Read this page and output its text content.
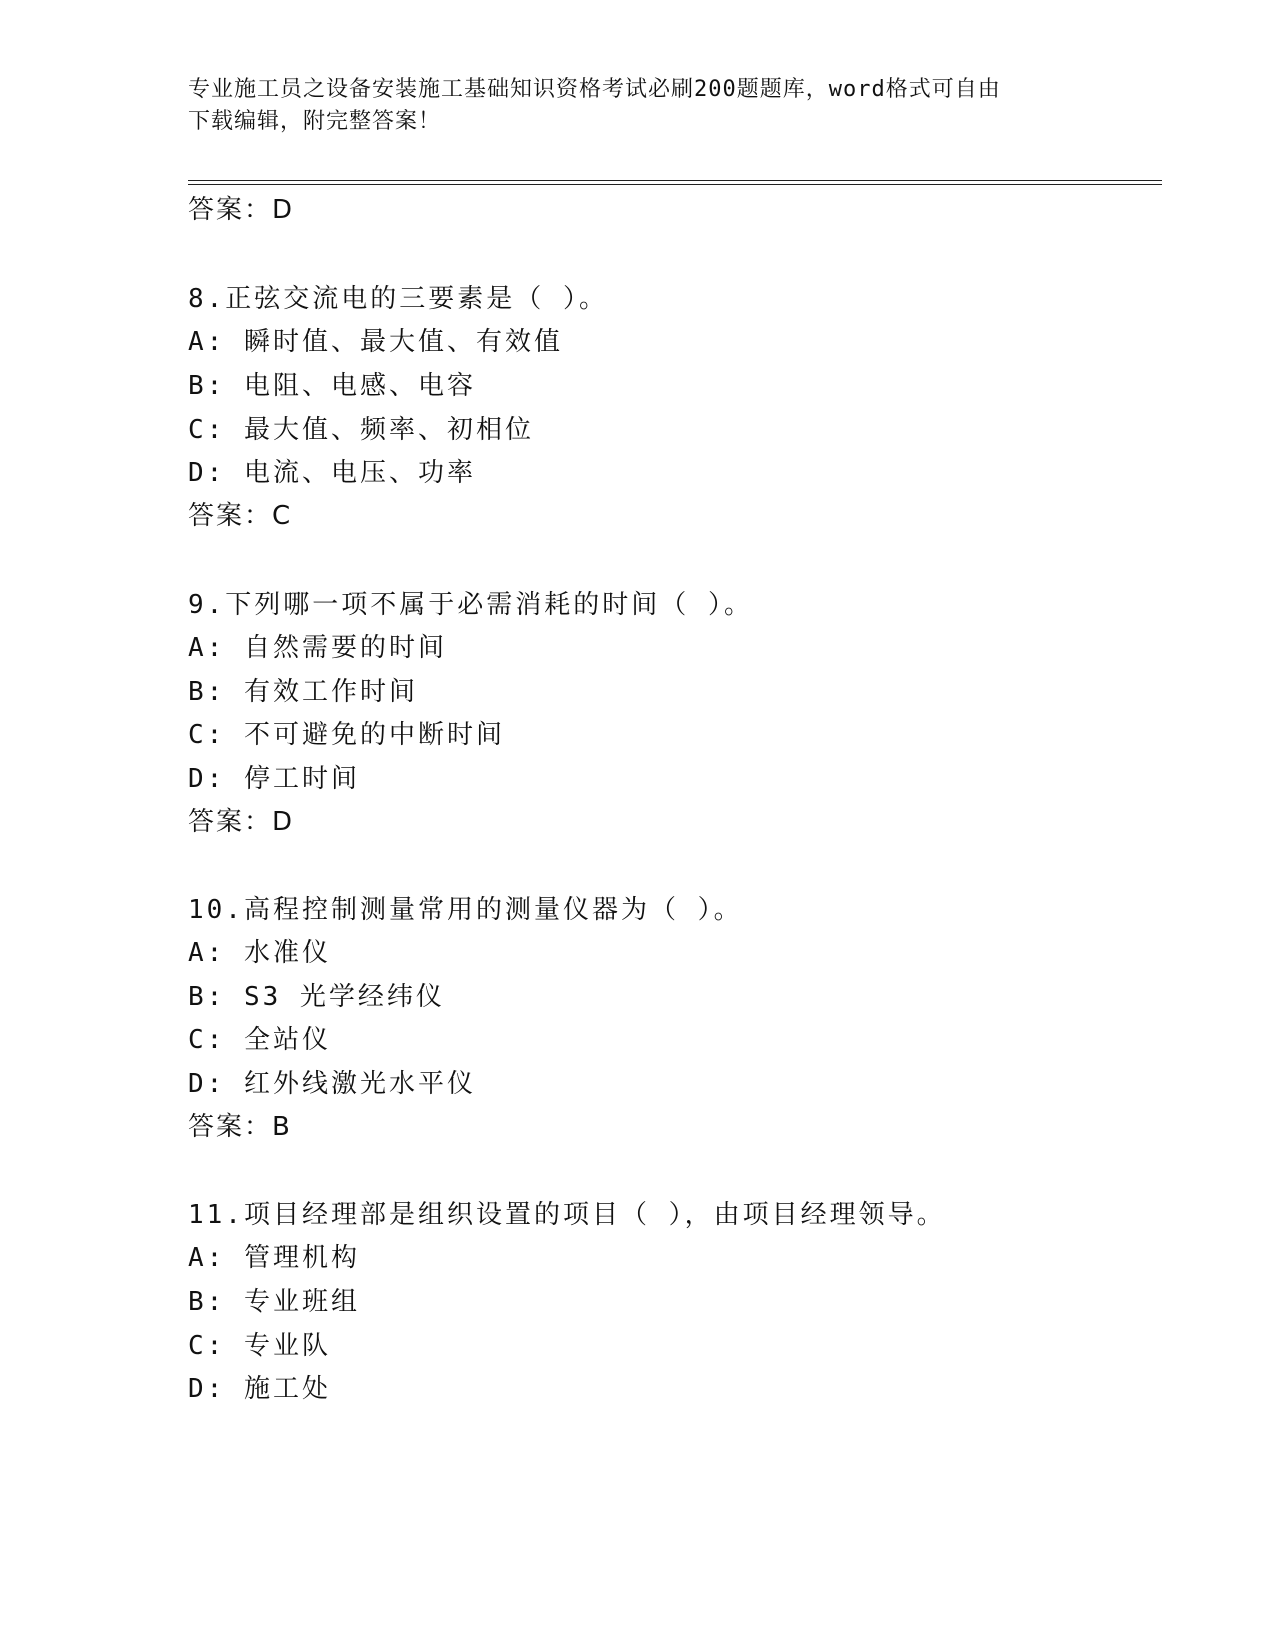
专业施工员之设备安装施工基础知识资格考试必刷200题题库，word格式可自由
下载编辑，附完整答案！
答案：D
8.正弦交流电的三要素是（ ）。
A: 瞬时值、最大值、有效值
B: 电阻、电感、电容
C: 最大值、频率、初相位
D: 电流、电压、功率
答案：C
9.下列哪一项不属于必需消耗的时间（ ）。
A: 自然需要的时间
B: 有效工作时间
C: 不可避免的中断时间
D: 停工时间
答案：D
10.高程控制测量常用的测量仪器为（ ）。
A: 水准仪
B: S3 光学经纬仪
C: 全站仪
D: 红外线激光水平仪
答案：B
11.项目经理部是组织设置的项目（ ），由项目经理领导。
A: 管理机构
B: 专业班组
C: 专业队
D: 施工处
